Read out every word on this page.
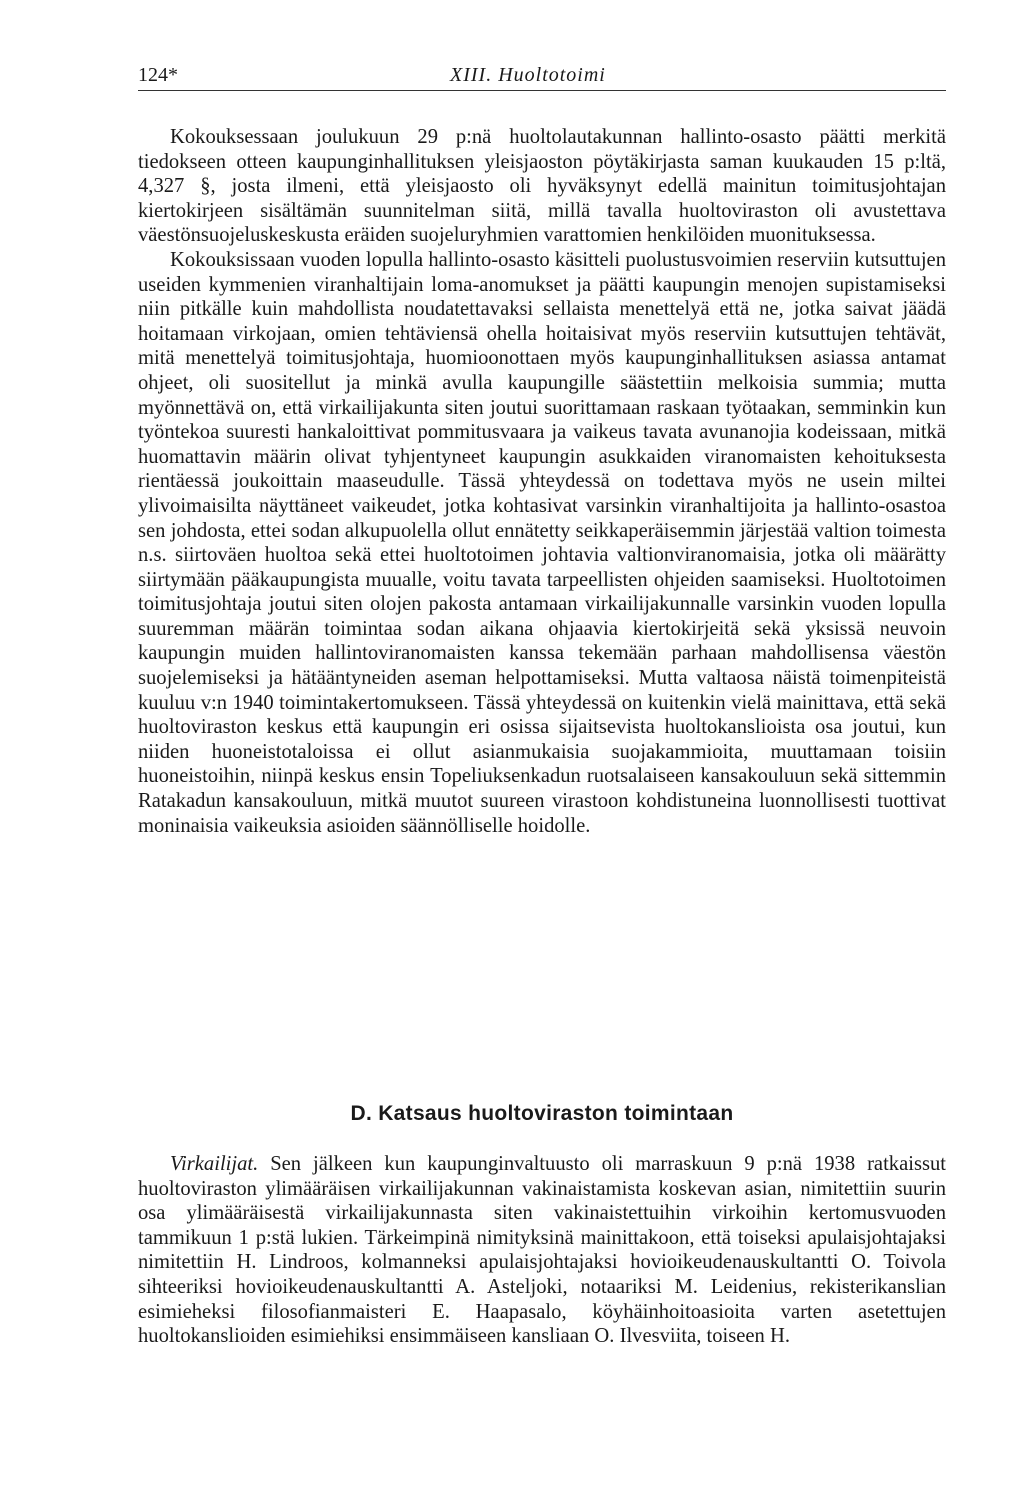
124*	XIII. Huoltotoimi

Kokouksessaan joulukuun 29 p:nä huoltolautakunnan hallinto-osasto päätti merkitä tiedokseen otteen kaupunginhallituksen yleisjaoston pöytäkirjasta saman kuukauden 15 p:ltä, 4,327 §, josta ilmeni, että yleisjaosto oli hyväksynyt edellä mainitun toimitusjohtajan kiertokirjeen sisältämän suunnitelman siitä, millä tavalla huoltoviraston oli avustettava väestönsuojeluskeskusta eräiden suojeluryhmien varattomien henkilöiden muonituksessa.

Kokouksissaan vuoden lopulla hallinto-osasto käsitteli puolustusvoimien reserviin kutsuttujen useiden kymmenien viranhaltijain loma-anomukset ja päätti kaupungin menojen supistamiseksi niin pitkälle kuin mahdollista noudatettavaksi sellaista menettelyä että ne, jotka saivat jäädä hoitamaan virkojaan, omien tehtäviensä ohella hoitaisivat myös reserviin kutsuttujen tehtävät, mitä menettelyä toimitusjohtaja, huomioonottaen myös kaupunginhallituksen asiassa antamat ohjeet, oli suositellut ja minkä avulla kaupungille säästettiin melkoisia summia; mutta myönnettävä on, että virkailijakunta siten joutui suorittamaan raskaan työtaakan, semminkin kun työntekoa suuresti hankaloittivat pommitusvaara ja vaikeus tavata avunanojia kodeissaan, mitkä huomattavin määrin olivat tyhjentyneet kaupungin asukkaiden viranomaisten kehoituksesta rientäessä joukoittain maaseudulle. Tässä yhteydessä on todettava myös ne usein miltei ylivoimaisilta näyttäneet vaikeudet, jotka kohtasivat varsinkin viranhaltijoita ja hallinto-osastoa sen johdosta, ettei sodan alkupuolella ollut ennätetty seikkaperäisemmin järjestää valtion toimesta n.s. siirtoväen huoltoa sekä ettei huoltotoimen johtavia valtionviranomaisia, jotka oli määrätty siirtymään pääkaupungista muualle, voitu tavata tarpeellisten ohjeiden saamiseksi. Huoltotoimen toimitusjohtaja joutui siten olojen pakosta antamaan virkailijakunnalle varsinkin vuoden lopulla suuremman määrän toimintaa sodan aikana ohjaavia kiertokirjeitä sekä yksissä neuvoin kaupungin muiden hallintoviranomaisten kanssa tekemään parhaan mahdollisensa väestön suojelemiseksi ja hätääntyneiden aseman helpottamiseksi. Mutta valtaosa näistä toimenpiteistä kuuluu v:n 1940 toimintakertomukseen. Tässä yhteydessä on kuitenkin vielä mainittava, että sekä huoltoviraston keskus että kaupungin eri osissa sijaitsevista huoltokanslioista osa joutui, kun niiden huoneistotaloissa ei ollut asianmukaisia suojakammioita, muuttamaan toisiin huoneistoihin, niinpä keskus ensin Topeliuksenkadun ruotsalaiseen kansakouluun sekä sittemmin Ratakadun kansakouluun, mitkä muutot suureen virastoon kohdistuneina luonnollisesti tuottivat moninaisia vaikeuksia asioiden säännölliselle hoidolle.

D. Katsaus huoltoviraston toimintaan

Virkailijat. Sen jälkeen kun kaupunginvaltuusto oli marraskuun 9 p:nä 1938 ratkaissut huoltoviraston ylimääräisen virkailijakunnan vakinaistamista koskevan asian, nimitettiin suurin osa ylimääräisestä virkailijakunnasta siten vakinaistettuihin virkoihin kertomusvuoden tammikuun 1 p:stä lukien. Tärkeimpinä nimityksinä mainittakoon, että toiseksi apulaisjohtajaksi nimitettiin H. Lindroos, kolmanneksi apulaisjohtajaksi hovioikeudenauskultantti O. Toivola sihteeriksi hovioikeudenauskultantti A. Asteljoki, notaariksi M. Leidenius, rekisterikanslian esimieheksi filosofianmaisteri E. Haapasalo, köyhäinhoitoasioita varten asetettujen huoltokanslioiden esimiehiksi ensimmäiseen kansliaan O. Ilvesviita, toiseen H.
